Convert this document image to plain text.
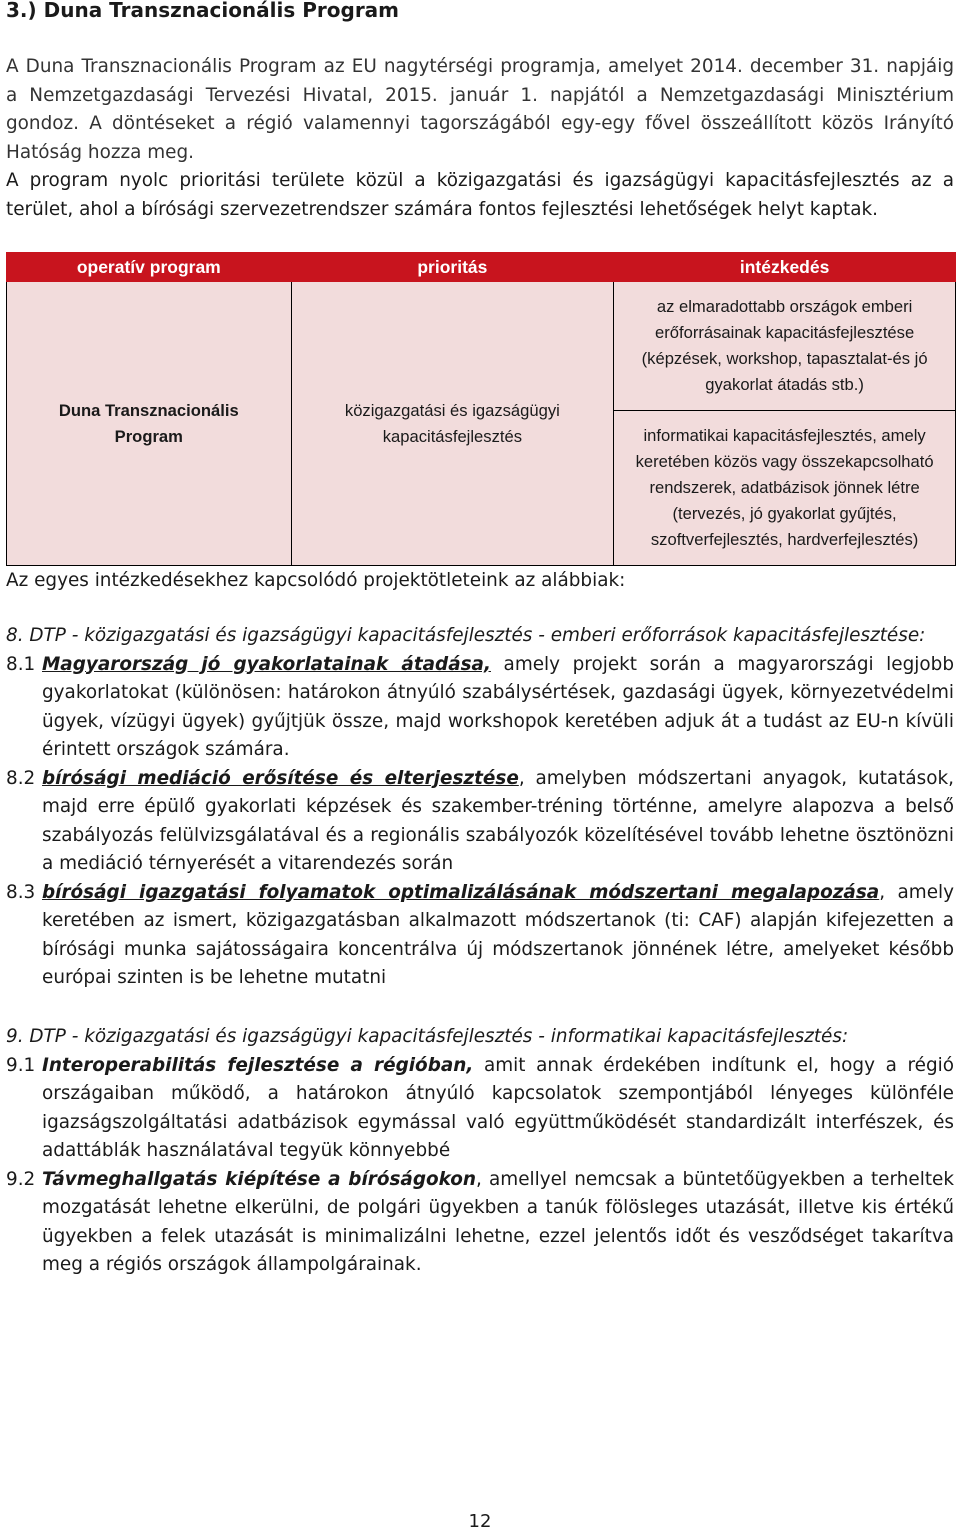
3.) Duna Transznacionális Program

A Duna Transznacionális Program az EU nagytérségi programja, amelyet 2014. december 31. napjáig a Nemzetgazdasági Tervezési Hivatal, 2015. január 1. napjától a Nemzetgazdasági Minisztérium gondoz. A döntéseket a régió valamennyi tagországából egy-egy fővel összeállított közös Irányító Hatóság hozza meg.

A program nyolc prioritási területe közül a közigazgatási és igazságügyi kapacitásfejlesztés az a terület, ahol a bírósági szervezetrendszer számára fontos fejlesztési lehetőségek helyt kaptak.

operatív program	prioritás	intézkedés

Duna Transznacionális Program	közigazgatási és igazságügyi kapacitásfejlesztés	az elmaradottabb országok emberi erőforrásainak kapacitásfejlesztése (képzések, workshop, tapasztalat-és jó gyakorlat átadás stb.)
		informatikai kapacitásfejlesztés, amely keretében közös vagy összekapcsolható rendszerek, adatbázisok jönnek létre (tervezés, jó gyakorlat gyűjtés, szoftverfejlesztés, hardverfejlesztés)
Az egyes intézkedésekhez kapcsolódó projektötleteink az alábbiak:

8. DTP - közigazgatási és igazságügyi kapacitásfejlesztés - emberi erőforrások kapacitásfejlesztése:

8.1 Magyarország jó gyakorlatainak átadása, amely projekt során a magyarországi legjobb gyakorlatokat (különösen: határokon átnyúló szabálysértések, gazdasági ügyek, környezetvédelmi ügyek, vízügyi ügyek) gyűjtjük össze, majd workshopok keretében adjuk át a tudást az EU-n kívüli érintett országok számára.
8.2 bírósági mediáció erősítése és elterjesztése, amelyben módszertani anyagok, kutatások, majd erre épülő gyakorlati képzések és szakember-tréning történne, amelyre alapozva a belső szabályozás felülvizsgálatával és a regionális szabályozók közelítésével tovább lehetne ösztönözni a mediáció térnyerését a vitarendezés során
8.3 bírósági igazgatási folyamatok optimalizálásának módszertani megalapozása, amely keretében az ismert, közigazgatásban alkalmazott módszertanok (ti: CAF) alapján kifejezetten a bírósági munka sajátosságaira koncentrálva új módszertanok jönnének létre, amelyeket később európai szinten is be lehetne mutatni

9. DTP - közigazgatási és igazságügyi kapacitásfejlesztés - informatikai kapacitásfejlesztés:

9.1 Interoperabilitás fejlesztése a régióban, amit annak érdekében indítunk el, hogy a régió országaiban működő, a határokon átnyúló kapcsolatok szempontjából lényeges különféle igazságszolgáltatási adatbázisok egymással való együttműködését standardizált interfészek, és adattáblák használatával tegyük könnyebbé
9.2 Távmeghallgatás kiépítése a bíróságokon, amellyel nemcsak a büntetőügyekben a terheltek mozgatását lehetne elkerülni, de polgári ügyekben a tanúk fölösleges utazását, illetve kis értékű ügyekben a felek utazását is minimalizálni lehetne, ezzel jelentős időt és vesződséget takarítva meg a régiós országok állampolgárainak.
12
